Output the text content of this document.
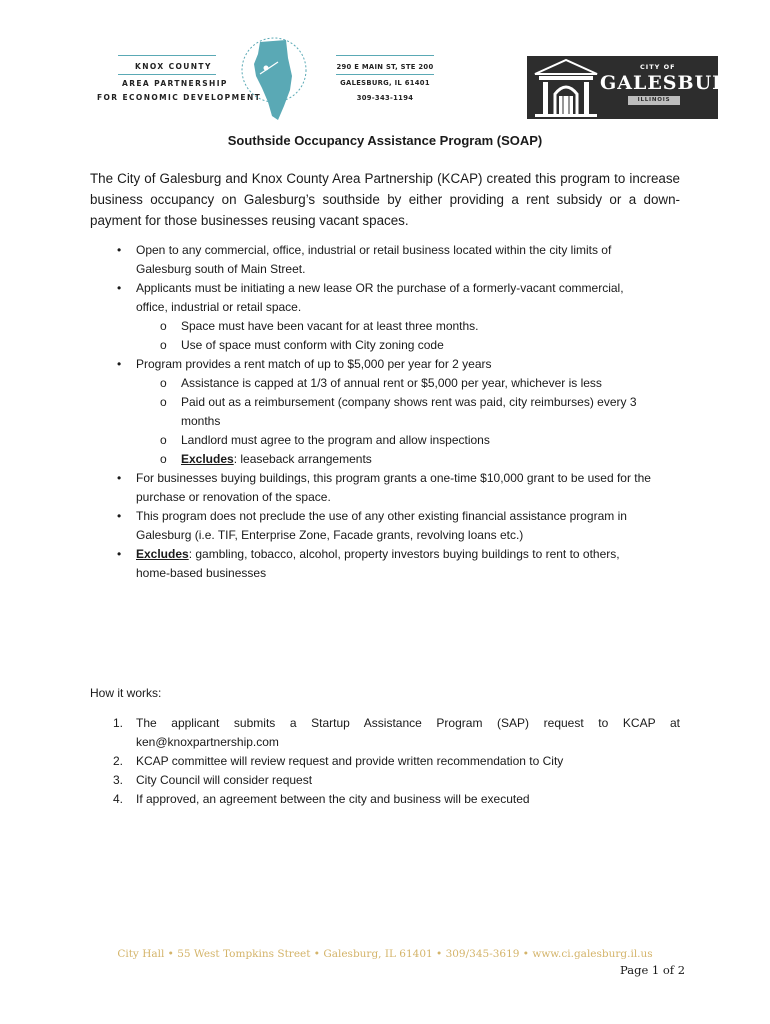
KNOX COUNTY
AREA PARTNERSHIP
FOR ECONOMIC DEVELOPMENT
290 E MAIN ST, STE 200
GALESBURG, IL 61401
309-343-1194
CITY OF
GALESBURG
ILLINOIS
Southside Occupancy Assistance Program (SOAP)
The City of Galesburg and Knox County Area Partnership (KCAP) created this program to increase business occupancy on Galesburg’s southside by either providing a rent subsidy or a down-payment for those businesses reusing vacant spaces.
• Open to any commercial, office, industrial or retail business located within the city limits of
Galesburg south of Main Street.
• Applicants must be initiating a new lease OR the purchase of a formerly-vacant commercial,
office, industrial or retail space.
o Space must have been vacant for at least three months.
o Use of space must conform with City zoning code
• Program provides a rent match of up to $5,000 per year for 2 years
o Assistance is capped at 1/3 of annual rent or $5,000 per year, whichever is less
o Paid out as a reimbursement (company shows rent was paid, city reimburses) every 3
months
o Landlord must agree to the program and allow inspections
o Excludes: leaseback arrangements
• For businesses buying buildings, this program grants a one-time $10,000 grant to be used for the
purchase or renovation of the space.
• This program does not preclude the use of any other existing financial assistance program in
Galesburg (i.e. TIF, Enterprise Zone, Facade grants, revolving loans etc.)
• Excludes: gambling, tobacco, alcohol, property investors buying buildings to rent to others,
home-based businesses
How it works:
1. The applicant submits a Startup Assistance Program (SAP) request to KCAP at
ken@knoxpartnership.com
2. KCAP committee will review request and provide written recommendation to City
3. City Council will consider request
4. If approved, an agreement between the city and business will be executed
City Hall • 55 West Tompkins Street • Galesburg, IL 61401 • 309/345-3619 • www.ci.galesburg.il.us
Page 1 of 2
